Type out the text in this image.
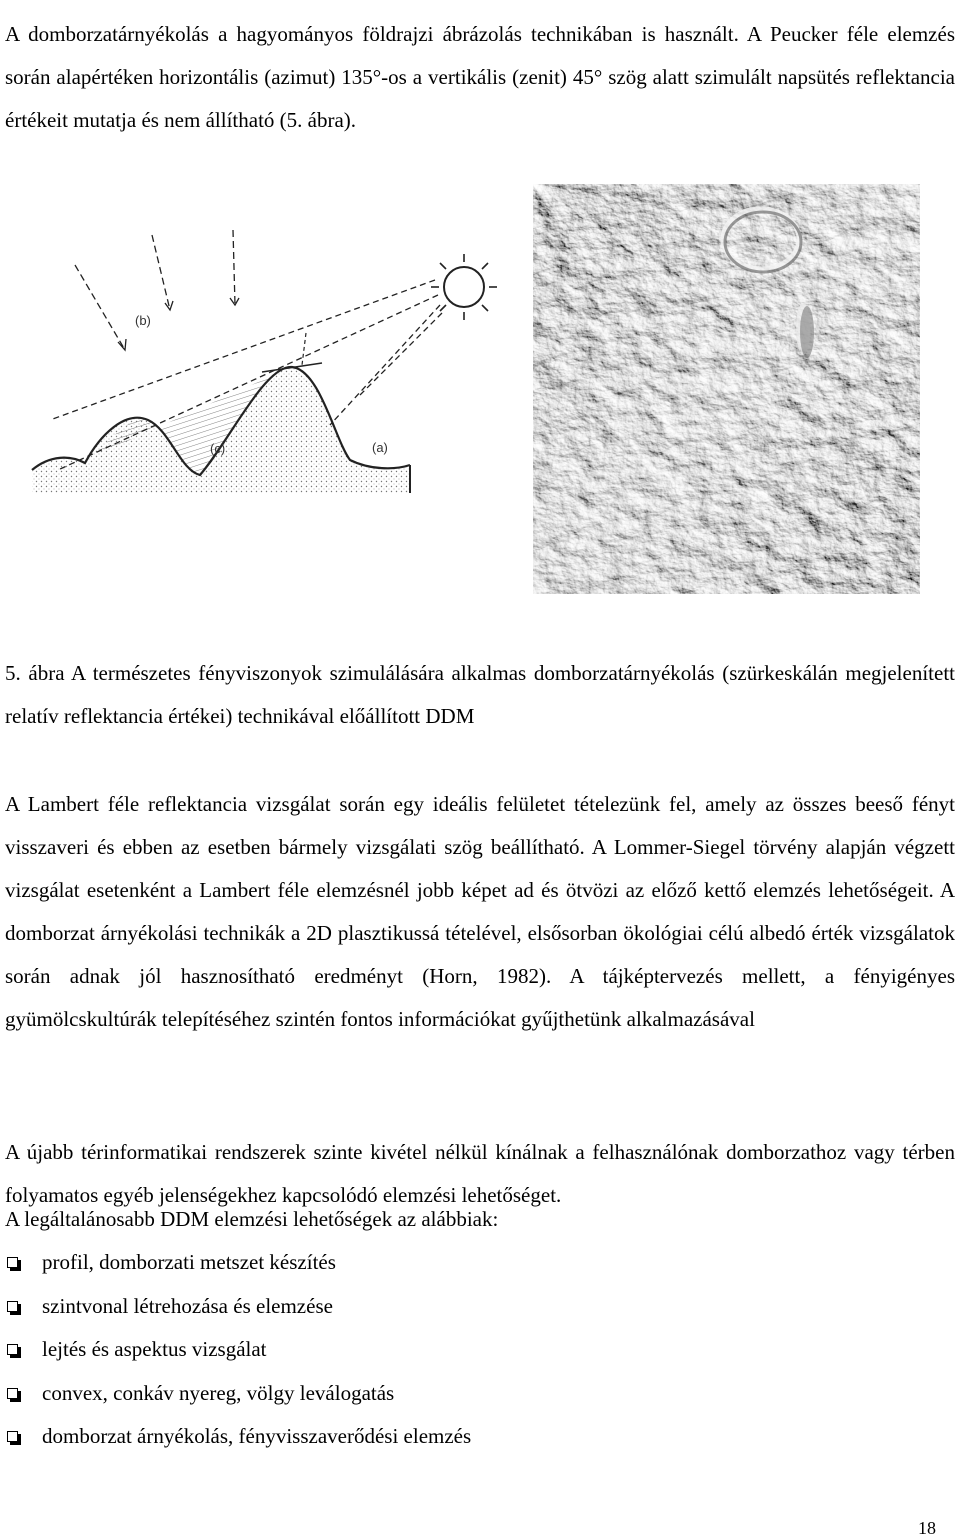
A domborzatárnyékolás a hagyományos földrajzi ábrázolás technikában is használt. A Peucker féle elemzés során alapértéken horizontális (azimut) 135°-os a vertikális (zenit) 45° szög alatt szimulált napsütés reflektancia értékeit mutatja és nem állítható (5. ábra).

(b)
(c)	(a)

5. ábra A természetes fényviszonyok szimulálására alkalmas domborzatárnyékolás (szürkeskálán megjelenített relatív reflektancia értékei) technikával előállított DDM

A Lambert féle reflektancia vizsgálat során egy ideális felületet tételezünk fel, amely az összes beeső fényt visszaveri és ebben az esetben bármely vizsgálati szög beállítható. A Lommer-Siegel törvény alapján végzett vizsgálat esetenként a Lambert féle elemzésnél jobb képet ad és ötvözi az előző kettő elemzés lehetőségeit. A domborzat árnyékolási technikák a 2D plasztikussá tételével, elsősorban ökológiai célú albedó érték vizsgálatok során adnak jól hasznosítható eredményt (Horn, 1982). A tájképtervezés mellett, a fényigényes gyümölcskultúrák telepítéséhez szintén fontos információkat gyűjthetünk alkalmazásával

A újabb térinformatikai rendszerek szinte kivétel nélkül kínálnak a felhasználónak domborzathoz vagy térben folyamatos egyéb jelenségekhez kapcsolódó elemzési lehetőséget.

A legáltalánosabb DDM elemzési lehetőségek az alábbiak:
profil, domborzati metszet készítés
szintvonal létrehozása és elemzése
lejtés és aspektus vizsgálat
convex, conkáv nyereg, völgy leválogatás
domborzat árnyékolás, fényvisszaverődési elemzés
18
